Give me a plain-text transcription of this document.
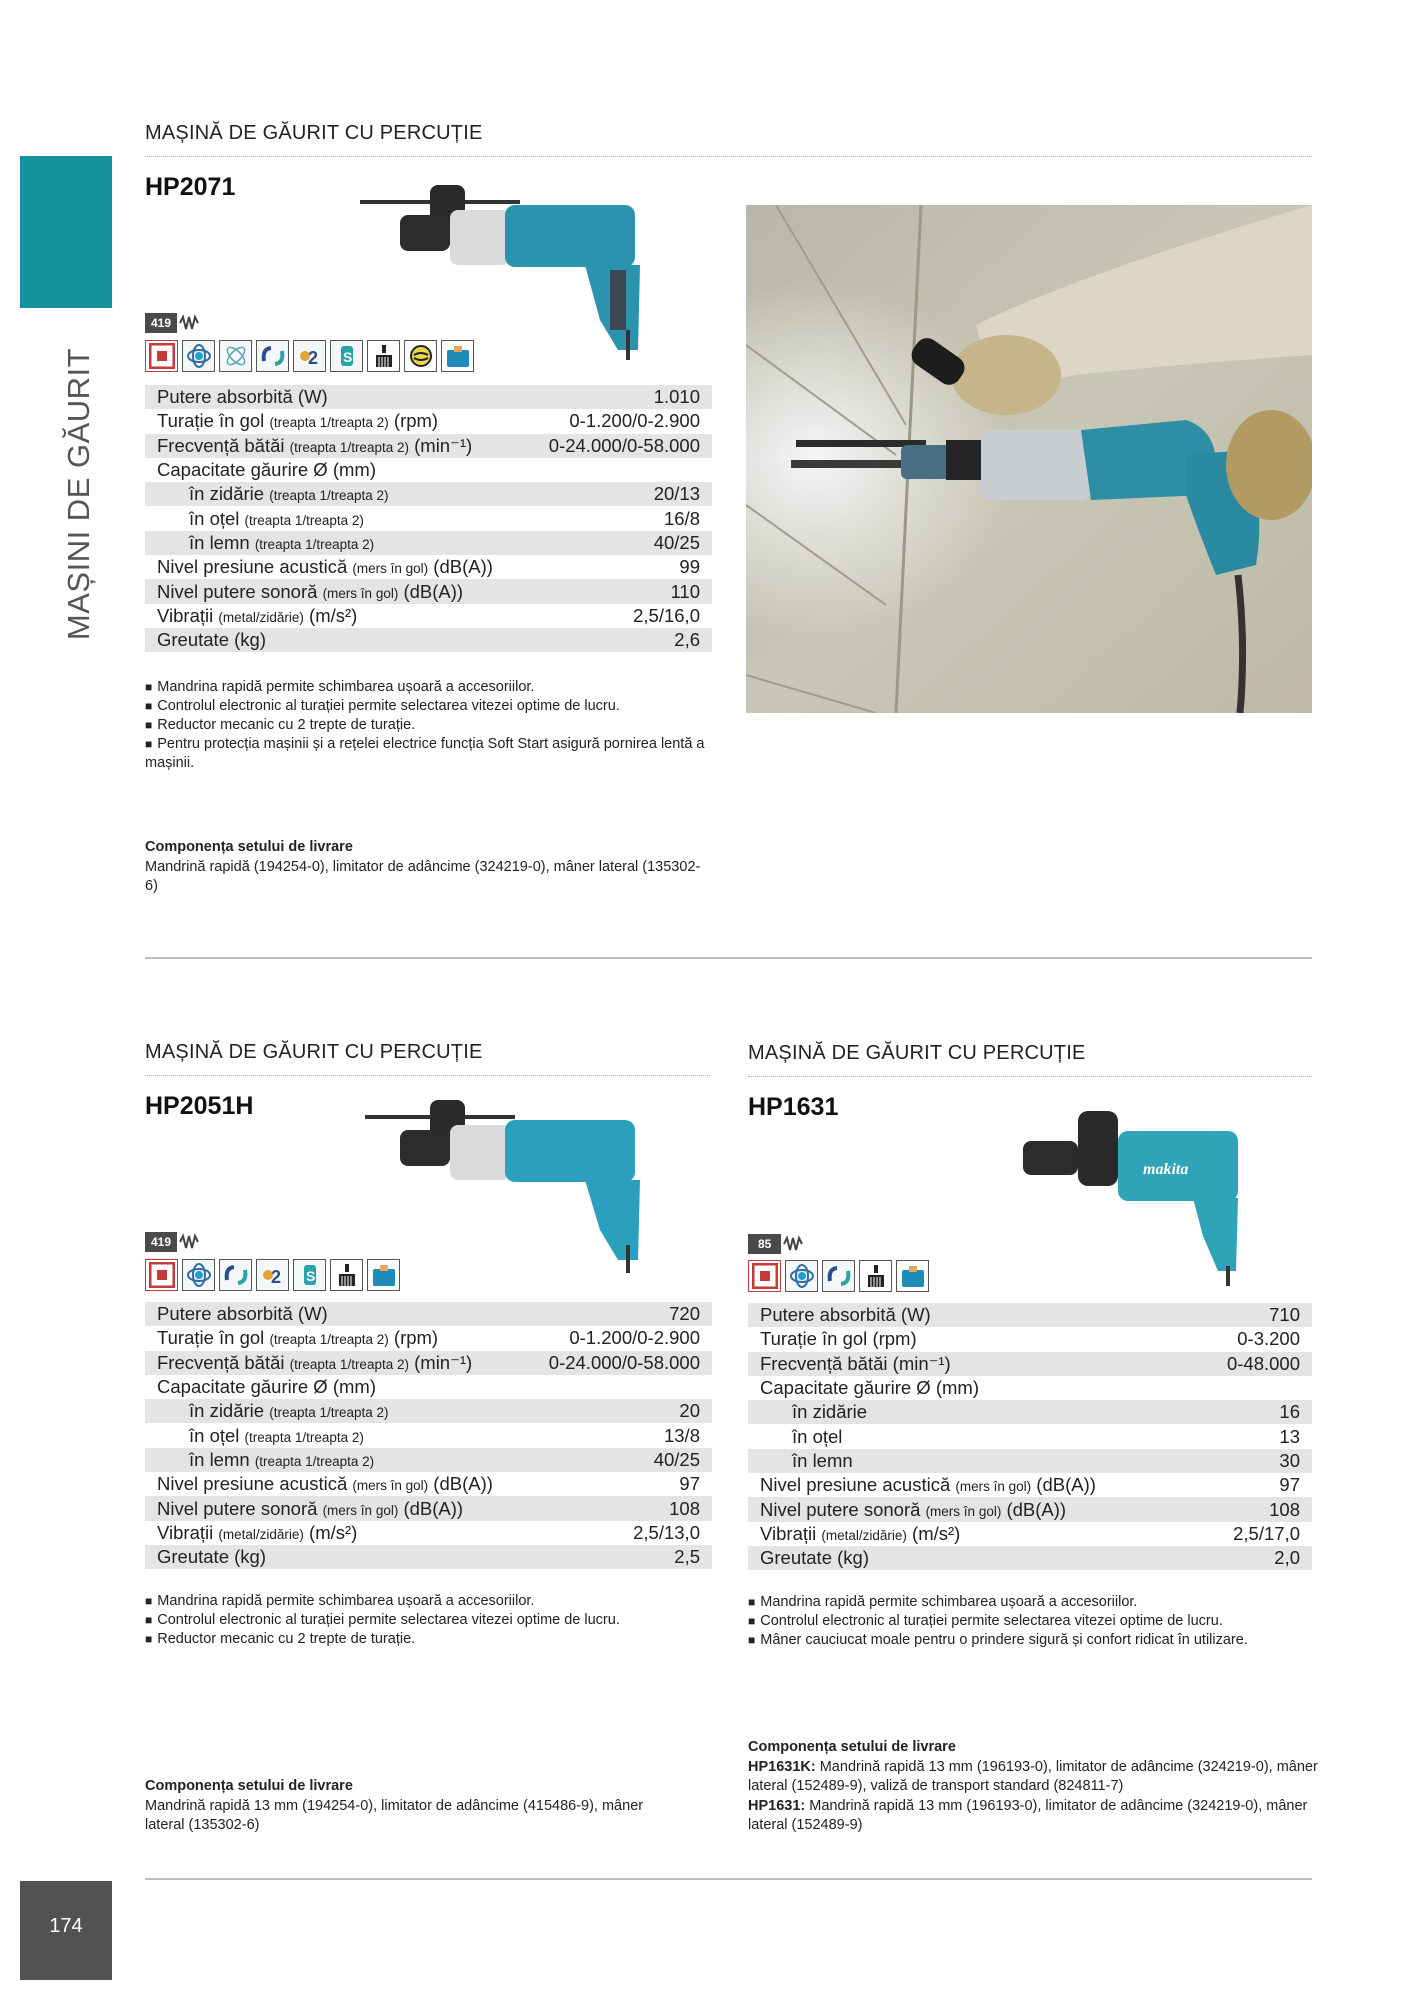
MAȘINI DE GĂURIT
174
MAȘINĂ DE GĂURIT CU PERCUȚIE
HP2071
419
2 S
Putere absorbită (W)	1.010
Turație în gol (treapta 1/treapta 2) (rpm)	0-1.200/0-2.900
Frecvență bătăi (treapta 1/treapta 2) (min⁻¹)	0-24.000/0-58.000
Capacitate găurire Ø (mm)
în zidărie (treapta 1/treapta 2)	20/13
în oțel (treapta 1/treapta 2)	16/8
în lemn (treapta 1/treapta 2)	40/25
Nivel presiune acustică (mers în gol) (dB(A))	99
Nivel putere sonoră (mers în gol) (dB(A))	110
Vibrații (metal/zidărie) (m/s²)	2,5/16,0
Greutate (kg)	2,6
■ Mandrina rapidă permite schimbarea ușoară a accesoriilor.
■ Controlul electronic al turației permite selectarea vitezei optime de lucru.
■ Reductor mecanic cu 2 trepte de turație.
■ Pentru protecția mașinii și a rețelei electrice funcția Soft Start asigură pornirea lentă a mașinii.
Componența setului de livrare
Mandrină rapidă (194254-0), limitator de adâncime (324219-0), mâner lateral (135302-6)
MAȘINĂ DE GĂURIT CU PERCUȚIE
HP2051H
419
2 S
Putere absorbită (W)	720
Turație în gol (treapta 1/treapta 2) (rpm)	0-1.200/0-2.900
Frecvență bătăi (treapta 1/treapta 2) (min⁻¹)	0-24.000/0-58.000
Capacitate găurire Ø (mm)
în zidărie (treapta 1/treapta 2)	20
în oțel (treapta 1/treapta 2)	13/8
în lemn (treapta 1/treapta 2)	40/25
Nivel presiune acustică (mers în gol) (dB(A))	97
Nivel putere sonoră (mers în gol) (dB(A))	108
Vibrații (metal/zidărie) (m/s²)	2,5/13,0
Greutate (kg)	2,5
■ Mandrina rapidă permite schimbarea ușoară a accesoriilor.
■ Controlul electronic al turației permite selectarea vitezei optime de lucru.
■ Reductor mecanic cu 2 trepte de turație.
Componența setului de livrare
Mandrină rapidă 13 mm (194254-0), limitator de adâncime (415486-9), mâner lateral (135302-6)
MAȘINĂ DE GĂURIT CU PERCUȚIE
HP1631
makita
85
Putere absorbită (W)	710
Turație în gol (rpm)	0-3.200
Frecvență bătăi (min⁻¹)	0-48.000
Capacitate găurire Ø (mm)
în zidărie	16
în oțel	13
în lemn	30
Nivel presiune acustică (mers în gol) (dB(A))	97
Nivel putere sonoră (mers în gol) (dB(A))	108
Vibrații (metal/zidărie) (m/s²)	2,5/17,0
Greutate (kg)	2,0
■ Mandrina rapidă permite schimbarea ușoară a accesoriilor.
■ Controlul electronic al turației permite selectarea vitezei optime de lucru.
■ Mâner cauciucat moale pentru o prindere sigură și confort ridicat în utilizare.
Componența setului de livrare
HP1631K: Mandrină rapidă 13 mm (196193-0), limitator de adâncime (324219-0), mâner lateral (152489-9), valiză de transport standard (824811-7)
HP1631: Mandrină rapidă 13 mm (196193-0), limitator de adâncime (324219-0), mâner lateral (152489-9)
